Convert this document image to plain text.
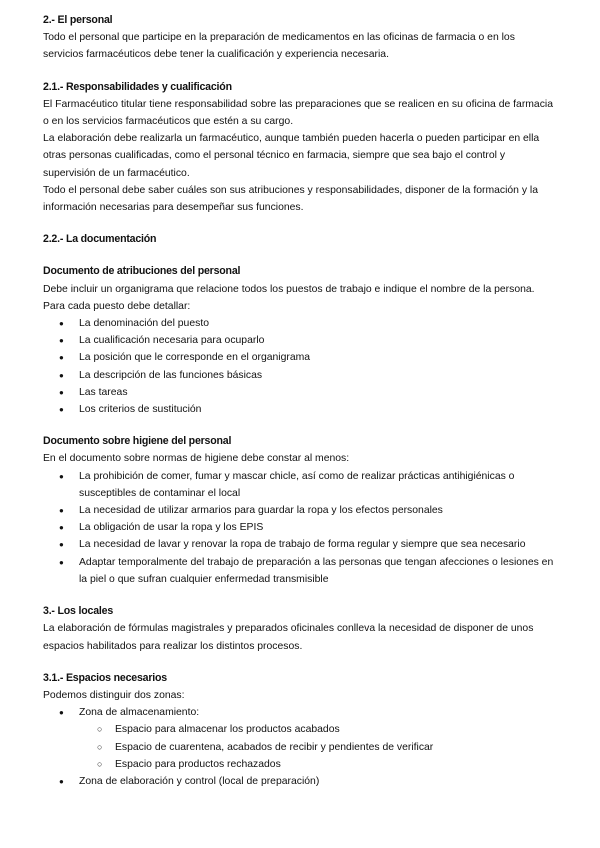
2.- El personal

Todo el personal que participe en la preparación de medicamentos en las oficinas de farmacia o en los servicios farmacéuticos debe tener la cualificación y experiencia necesaria.

2.1.- Responsabilidades y cualificación

El Farmacéutico titular tiene responsabilidad sobre las preparaciones que se realicen en su oficina de farmacia o en los servicios farmacéuticos que estén a su cargo.

La elaboración debe realizarla un farmacéutico, aunque también pueden hacerla o pueden participar en ella otras personas cualificadas, como el personal técnico en farmacia, siempre que sea bajo el control y supervisión de un farmacéutico.

Todo el personal debe saber cuáles son sus atribuciones y responsabilidades, disponer de la formación y la información necesarias para desempeñar sus funciones.

2.2.- La documentación
Documento de atribuciones del personal

Debe incluir un organigrama que relacione todos los puestos de trabajo e indique el nombre de la persona. Para cada puesto debe detallar:

● La denominación del puesto
● La cualificación necesaria para ocuparlo
● La posición que le corresponde en el organigrama
● La descripción de las funciones básicas
● Las tareas
● Los criterios de sustitución
Documento sobre higiene del personal

En el documento sobre normas de higiene debe constar al menos:

● La prohibición de comer, fumar y mascar chicle, así como de realizar prácticas antihigiénicas o susceptibles de contaminar el local
● La necesidad de utilizar armarios para guardar la ropa y los efectos personales
● La obligación de usar la ropa y los EPIS
● La necesidad de lavar y renovar la ropa de trabajo de forma regular y siempre que sea necesario
● Adaptar temporalmente del trabajo de preparación a las personas que tengan afecciones o lesiones en la piel o que sufran cualquier enfermedad transmisible
3.- Los locales

La elaboración de fórmulas magistrales y preparados oficinales conlleva la necesidad de disponer de unos espacios habilitados para realizar los distintos procesos.

3.1.- Espacios necesarios

Podemos distinguir dos zonas:

● Zona de almacenamiento:
○ Espacio para almacenar los productos acabados
○ Espacio de cuarentena, acabados de recibir y pendientes de verificar
○ Espacio para productos rechazados
● Zona de elaboración y control (local de preparación)
